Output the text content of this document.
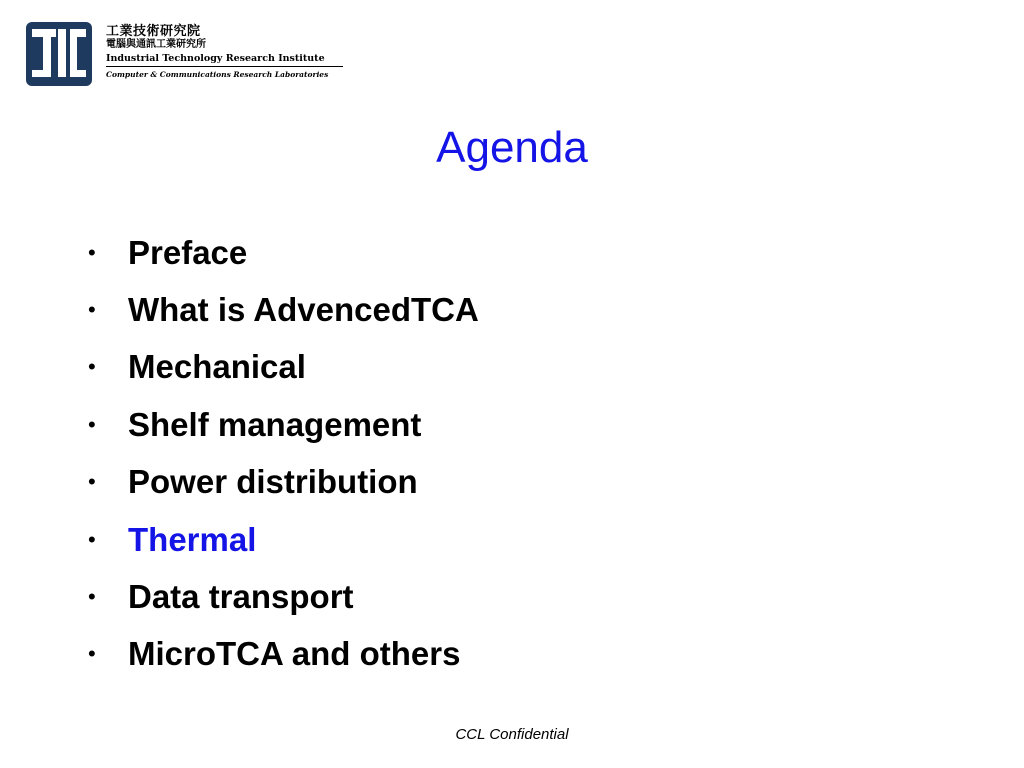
工業技術研究院
電腦與通訊工業研究所
Industrial Technology Research Institute
Computer & Communications Research Laboratories
Agenda
• Preface
• What is AdvencedTCA
• Mechanical
• Shelf management
• Power distribution
• Thermal
• Data transport
• MicroTCA and others
CCL Confidential
